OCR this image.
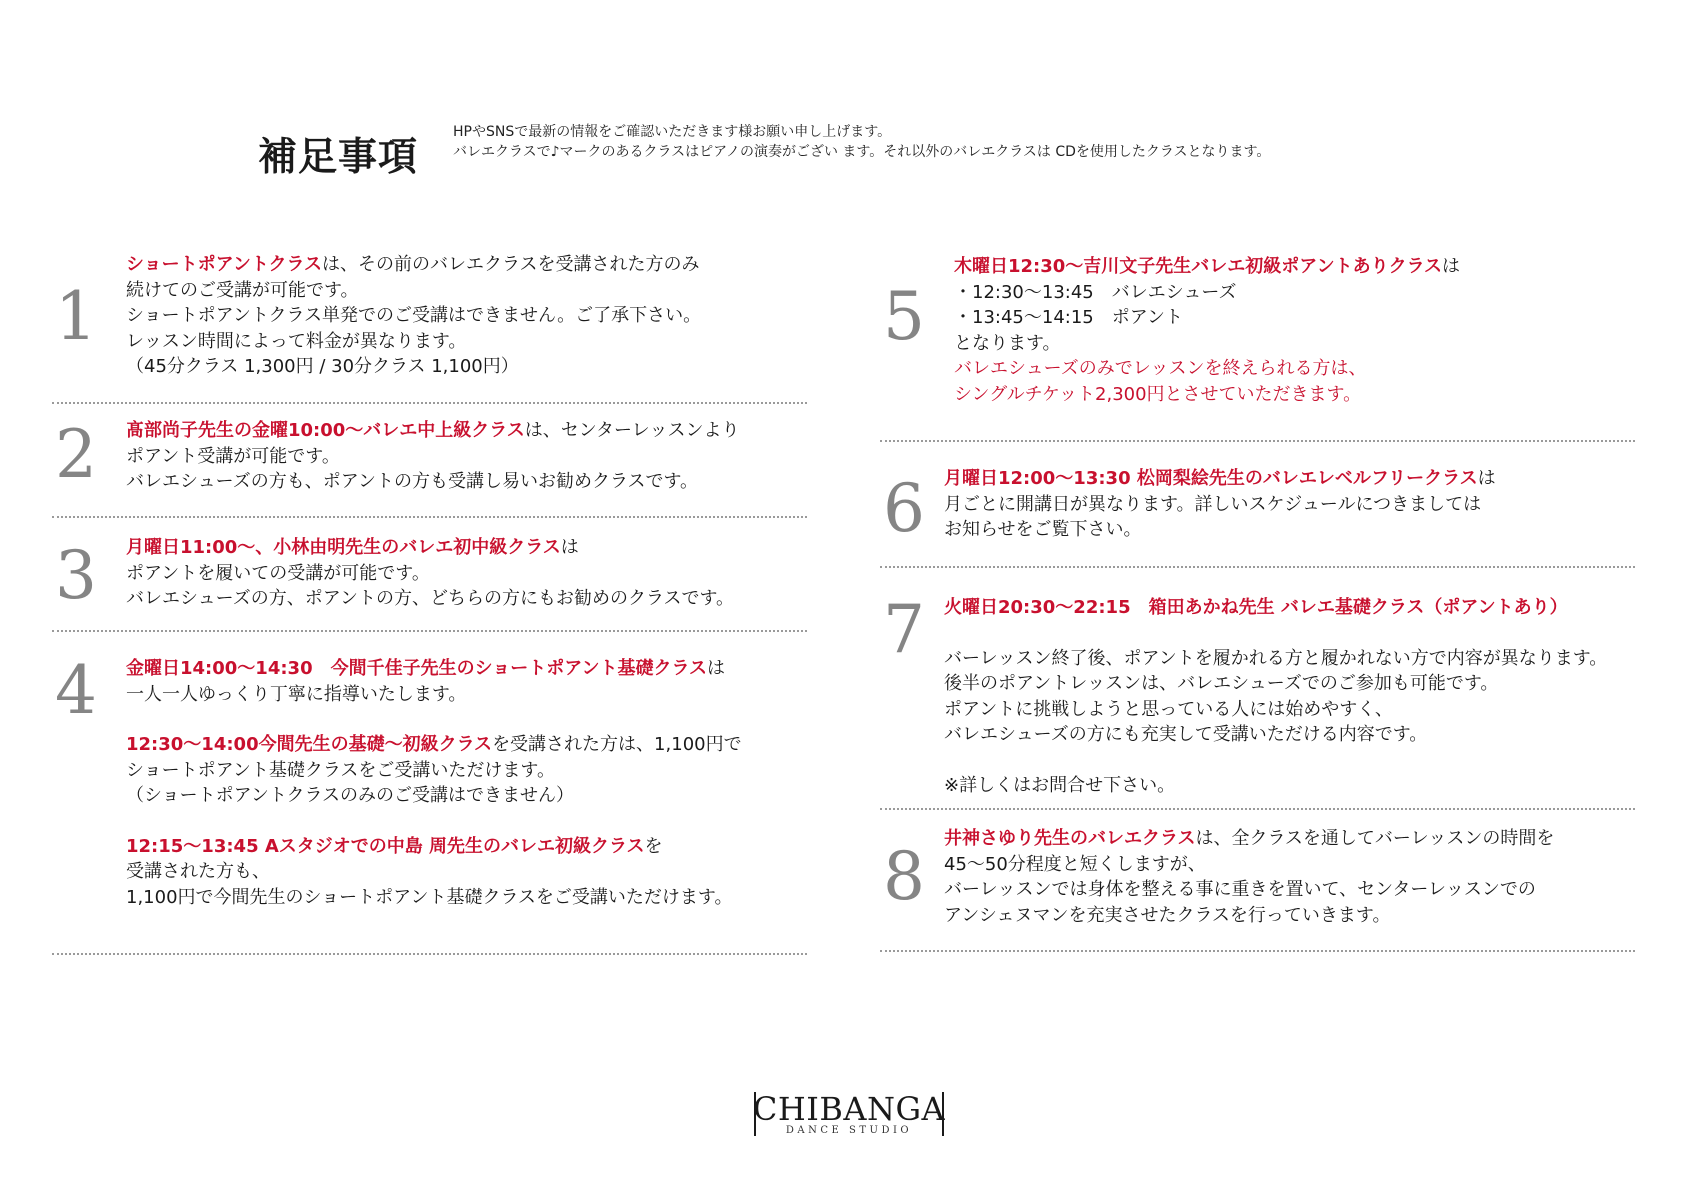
補足事項
HPやSNSで最新の情報をご確認いただきます様お願い申し上げます。
バレエクラスで♪マークのあるクラスはピアノの演奏がござい ます。それ以外のバレエクラスは CDを使用したクラスとなります。
1
ショートポアントクラスは、その前のバレエクラスを受講された方のみ
続けてのご受講が可能です。
ショートポアントクラス単発でのご受講はできません。ご了承下さい。
レッスン時間によって料金が異なります。
（45分クラス 1,300円 / 30分クラス 1,100円）
2 髙部尚子先生の金曜10:00～バレエ中上級クラスは、センターレッスンより
ポアント受講が可能です。
バレエシューズの方も、ポアントの方も受講し易いお勧めクラスです。
3 月曜日11:00～、小林由明先生のバレエ初中級クラスは
ポアントを履いての受講が可能です。
バレエシューズの方、ポアントの方、どちらの方にもお勧めのクラスです。
4 金曜日14:00～14:30　今間千佳子先生のショートポアント基礎クラスは
一人一人ゆっくり丁寧に指導いたします。
12:30～14:00今間先生の基礎～初級クラスを受講された方は、1,100円で
ショートポアント基礎クラスをご受講いただけます。
（ショートポアントクラスのみのご受講はできません）
12:15～13:45 Aスタジオでの中島 周先生のバレエ初級クラスを
受講された方も、
1,100円で今間先生のショートポアント基礎クラスをご受講いただけます。
5
木曜日12:30～吉川文子先生バレエ初級ポアントありクラスは
・12:30～13:45　バレエシューズ
・13:45～14:15　ポアント
となります。
バレエシューズのみでレッスンを終えられる方は、
シングルチケット2,300円とさせていただきます。
6 月曜日12:00～13:30 松岡梨絵先生のバレエレベルフリークラスは
月ごとに開講日が異なります。詳しいスケジュールにつきましては
お知らせをご覧下さい。
7 火曜日20:30～22:15　箱田あかね先生 バレエ基礎クラス（ポアントあり）
バーレッスン終了後、ポアントを履かれる方と履かれない方で内容が異なります。
後半のポアントレッスンは、バレエシューズでのご参加も可能です。
ポアントに挑戦しようと思っている人には始めやすく、
バレエシューズの方にも充実して受講いただける内容です。
※詳しくはお問合せ下さい。
8 井神さゆり先生のバレエクラスは、全クラスを通してバーレッスンの時間を
45～50分程度と短くしますが、
バーレッスンでは身体を整える事に重きを置いて、センターレッスンでの
アンシェヌマンを充実させたクラスを行っていきます。
CHIBANGA
DANCE STUDIO
